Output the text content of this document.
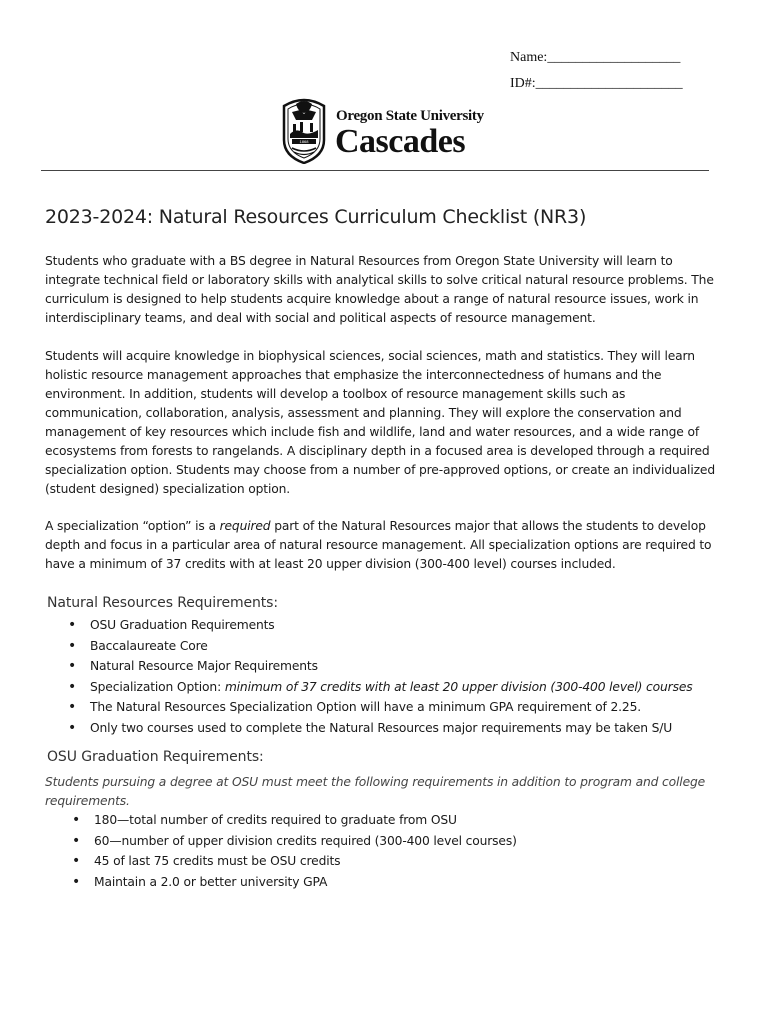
Name:___________________
ID#:_____________________
1868
Oregon State University
Cascades
2023-2024: Natural Resources Curriculum Checklist (NR3)
Students who graduate with a BS degree in Natural Resources from Oregon State University will learn to integrate technical field or laboratory skills with analytical skills to solve critical natural resource problems. The curriculum is designed to help students acquire knowledge about a range of natural resource issues, work in interdisciplinary teams, and deal with social and political aspects of resource management.
Students will acquire knowledge in biophysical sciences, social sciences, math and statistics. They will learn holistic resource management approaches that emphasize the interconnectedness of humans and the environment. In addition, students will develop a toolbox of resource management skills such as communication, collaboration, analysis, assessment and planning. They will explore the conservation and management of key resources which include fish and wildlife, land and water resources, and a wide range of ecosystems from forests to rangelands. A disciplinary depth in a focused area is developed through a required specialization option. Students may choose from a number of pre-approved options, or create an individualized (student designed) specialization option.
A specialization “option” is a required part of the Natural Resources major that allows the students to develop depth and focus in a particular area of natural resource management. All specialization options are required to have a minimum of 37 credits with at least 20 upper division (300-400 level) courses included.
Natural Resources Requirements:
• OSU Graduation Requirements
• Baccalaureate Core
• Natural Resource Major Requirements
• Specialization Option: minimum of 37 credits with at least 20 upper division (300-400 level) courses
• The Natural Resources Specialization Option will have a minimum GPA requirement of 2.25.
• Only two courses used to complete the Natural Resources major requirements may be taken S/U
OSU Graduation Requirements:
Students pursuing a degree at OSU must meet the following requirements in addition to program and college requirements.
• 180—total number of credits required to graduate from OSU
• 60—number of upper division credits required (300-400 level courses)
• 45 of last 75 credits must be OSU credits
• Maintain a 2.0 or better university GPA
